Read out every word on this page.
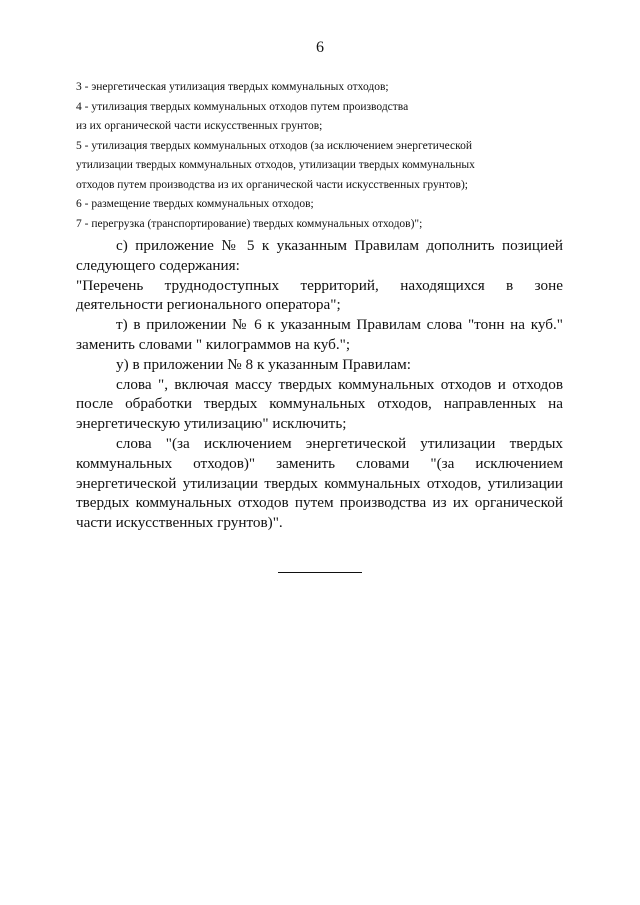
6
3 - энергетическая утилизация твердых коммунальных отходов;
4 - утилизация твердых коммунальных отходов путем производства
из их органической части искусственных грунтов;
5 - утилизация твердых коммунальных отходов (за исключением энергетической
утилизации твердых коммунальных отходов, утилизации твердых коммунальных
отходов путем производства из их органической части искусственных грунтов);
6 - размещение твердых коммунальных отходов;
7 - перегрузка (транспортирование) твердых коммунальных отходов)";

с) приложение № 5 к указанным Правилам дополнить позицией следующего содержания:

"Перечень труднодоступных территорий, находящихся в зоне деятельности регионального оператора";

т) в приложении № 6 к указанным Правилам слова "тонн на куб." заменить словами " килограммов на куб.";

у) в приложении № 8 к указанным Правилам:

слова ", включая массу твердых коммунальных отходов и отходов после обработки твердых коммунальных отходов, направленных на энергетическую утилизацию" исключить;

слова "(за исключением энергетической утилизации твердых коммунальных отходов)" заменить словами "(за исключением энергетической утилизации твердых коммунальных отходов, утилизации твердых коммунальных отходов путем производства из их органической части искусственных грунтов)".
